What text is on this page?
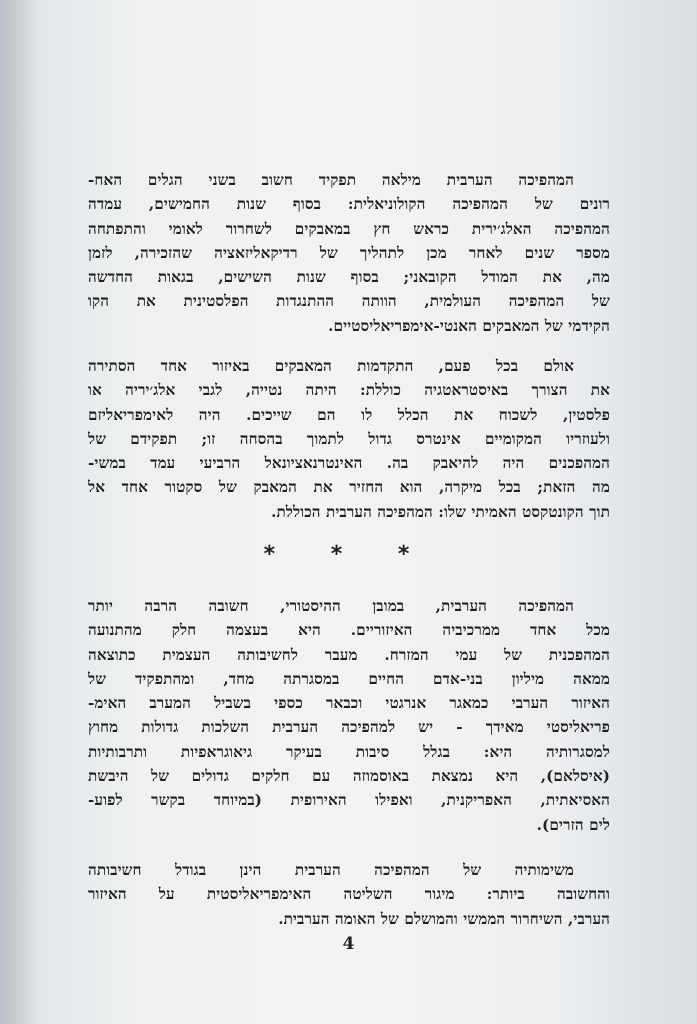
המהפיכה הערבית מילאה תפקיד חשוב בשני הגלים האח-
רונים של המהפיכה הקולוניאלית: בסוף שנות החמישים, עמדה
המהפיכה האלג׳ירית כראש חץ במאבקים לשחרור לאומי והתפתחה
מספר שנים לאחר מכן לתהליך של רדיקאליזאציה שהזכירה, לזמן
מה, את המודל הקובאני; בסוף שנות השישים, בגאות החדשה
של המהפיכה העולמית, הוותה ההתנגדות הפלסטינית את הקו
הקידמי של המאבקים האנטי-אימפריאליסטיים.
אולם בכל פעם, התקדמות המאבקים באיזור אחד הסתירה
את הצורך באיסטראטגיה כוללת: היתה נטייה, לגבי אלג׳יריה או
פלסטין, לשכוח את הכלל לו הם שייכים. היה לאימפריאליזם
ולעוזריו המקומיים אינטרס גדול לתמוך בהסחה זו; תפקידם של
המהפכנים היה להיאבק בה. האינטרנאציונאל הרביעי עמד במשי-
מה הזאת; בכל מיקרה, הוא החזיר את המאבק של סקטור אחד אל
תוך הקונטקסט האמיתי שלו: המהפיכה הערבית הכוללת.
* * *
המהפיכה הערבית, במובן ההיסטורי, חשובה הרבה יותר
מכל אחד ממרכיביה האיזוריים. היא בעצמה חלק מהתנועה
המהפכנית של עמי המזרח. מעבר לחשיבותה העצמית כתוצאה
ממאה מיליון בני-אדם החיים במסגרתה מחד, ומהתפקיד של
האיזור הערבי כמאגר אנרגטי וכבאר כספי בשביל המערב האימ-
פריאליסטי מאידך - יש למהפיכה הערבית השלכות גדולות מחוץ
למסגרותיה היא: בגלל סיבות בעיקר גיאוגראפיות ותרבותיות
(איסלאם), היא נמצאת באוסמוזה עם חלקים גדולים של היבשת
האסיאתית, האפריקנית, ואפילו האירופית (במיוחד בקשר לפוע-
לים הזרים).
משימותיה של המהפיכה הערבית הינן בגודל חשיבותה
והחשובה ביותר: מיגור השליטה האימפריאליסטית על האיזור
הערבי, השיחרור הממשי והמושלם של האומה הערבית.
4
